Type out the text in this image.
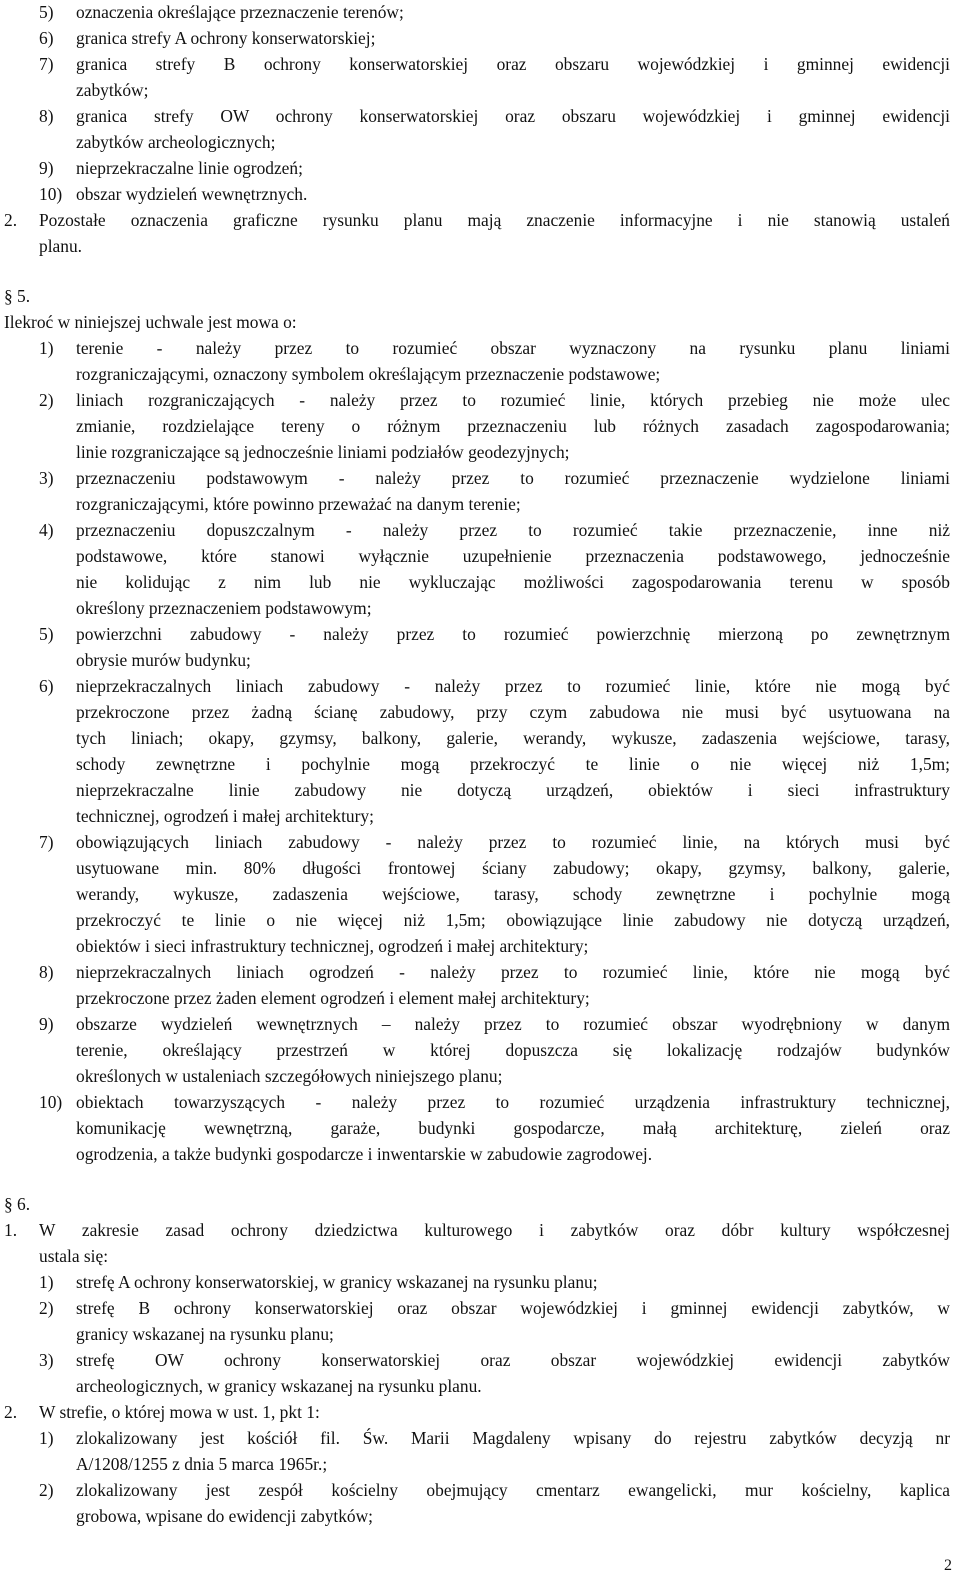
5) oznaczenia określające przeznaczenie terenów;
6) granica strefy A ochrony konserwatorskiej;
7) granica strefy B ochrony konserwatorskiej oraz obszaru wojewódzkiej i gminnej ewidencji
zabytków;
8) granica strefy OW ochrony konserwatorskiej oraz obszaru wojewódzkiej i gminnej ewidencji
zabytków archeologicznych;
9) nieprzekraczalne linie ogrodzeń;
10) obszar wydzieleń wewnętrznych.
2. Pozostałe oznaczenia graficzne rysunku planu mają znaczenie informacyjne i nie stanowią ustaleń
planu.
§ 5.
Ilekroć w niniejszej uchwale jest mowa o:
1) terenie - należy przez to rozumieć obszar wyznaczony na rysunku planu liniami
rozgraniczającymi, oznaczony symbolem określającym przeznaczenie podstawowe;
2) liniach rozgraniczających - należy przez to rozumieć linie, których przebieg nie może ulec
zmianie, rozdzielające tereny o różnym przeznaczeniu lub różnych zasadach zagospodarowania;
linie rozgraniczające są jednocześnie liniami podziałów geodezyjnych;
3) przeznaczeniu podstawowym - należy przez to rozumieć przeznaczenie wydzielone liniami
rozgraniczającymi, które powinno przeważać na danym terenie;
4) przeznaczeniu dopuszczalnym - należy przez to rozumieć takie przeznaczenie, inne niż
podstawowe, które stanowi wyłącznie uzupełnienie przeznaczenia podstawowego, jednocześnie
nie kolidując z nim lub nie wykluczając możliwości zagospodarowania terenu w sposób
określony przeznaczeniem podstawowym;
5) powierzchni zabudowy - należy przez to rozumieć powierzchnię mierzoną po zewnętrznym
obrysie murów budynku;
6) nieprzekraczalnych liniach zabudowy - należy przez to rozumieć linie, które nie mogą być
przekroczone przez żadną ścianę zabudowy, przy czym zabudowa nie musi być usytuowana na
tych liniach; okapy, gzymsy, balkony, galerie, werandy, wykusze, zadaszenia wejściowe, tarasy,
schody zewnętrzne i pochylnie mogą przekroczyć te linie o nie więcej niż 1,5m;
nieprzekraczalne linie zabudowy nie dotyczą urządzeń, obiektów i sieci infrastruktury
technicznej, ogrodzeń i małej architektury;
7) obowiązujących liniach zabudowy - należy przez to rozumieć linie, na których musi być
usytuowane min. 80% długości frontowej ściany zabudowy; okapy, gzymsy, balkony, galerie,
werandy, wykusze, zadaszenia wejściowe, tarasy, schody zewnętrzne i pochylnie mogą
przekroczyć te linie o nie więcej niż 1,5m; obowiązujące linie zabudowy nie dotyczą urządzeń,
obiektów i sieci infrastruktury technicznej, ogrodzeń i małej architektury;
8) nieprzekraczalnych liniach ogrodzeń - należy przez to rozumieć linie, które nie mogą być
przekroczone przez żaden element ogrodzeń i element małej architektury;
9) obszarze wydzieleń wewnętrznych – należy przez to rozumieć obszar wyodrębniony w danym
terenie, określający przestrzeń w której dopuszcza się lokalizację rodzajów budynków
określonych w ustaleniach szczegółowych niniejszego planu;
10) obiektach towarzyszących - należy przez to rozumieć urządzenia infrastruktury technicznej,
komunikację wewnętrzną, garaże, budynki gospodarcze, małą architekturę, zieleń oraz
ogrodzenia, a także budynki gospodarcze i inwentarskie w zabudowie zagrodowej.
§ 6.
1. W zakresie zasad ochrony dziedzictwa kulturowego i zabytków oraz dóbr kultury współczesnej
ustala się:
1) strefę A ochrony konserwatorskiej, w granicy wskazanej na rysunku planu;
2) strefę B ochrony konserwatorskiej oraz obszar wojewódzkiej i gminnej ewidencji zabytków, w
granicy wskazanej na rysunku planu;
3) strefę OW ochrony konserwatorskiej oraz obszar wojewódzkiej ewidencji zabytków
archeologicznych, w granicy wskazanej na rysunku planu.
2. W strefie, o której mowa w ust. 1, pkt 1:
1) zlokalizowany jest kościół fil. Św. Marii Magdaleny wpisany do rejestru zabytków decyzją nr
A/1208/1255 z dnia 5 marca 1965r.;
2) zlokalizowany jest zespół kościelny obejmujący cmentarz ewangelicki, mur kościelny, kaplica
grobowa, wpisane do ewidencji zabytków;
2
